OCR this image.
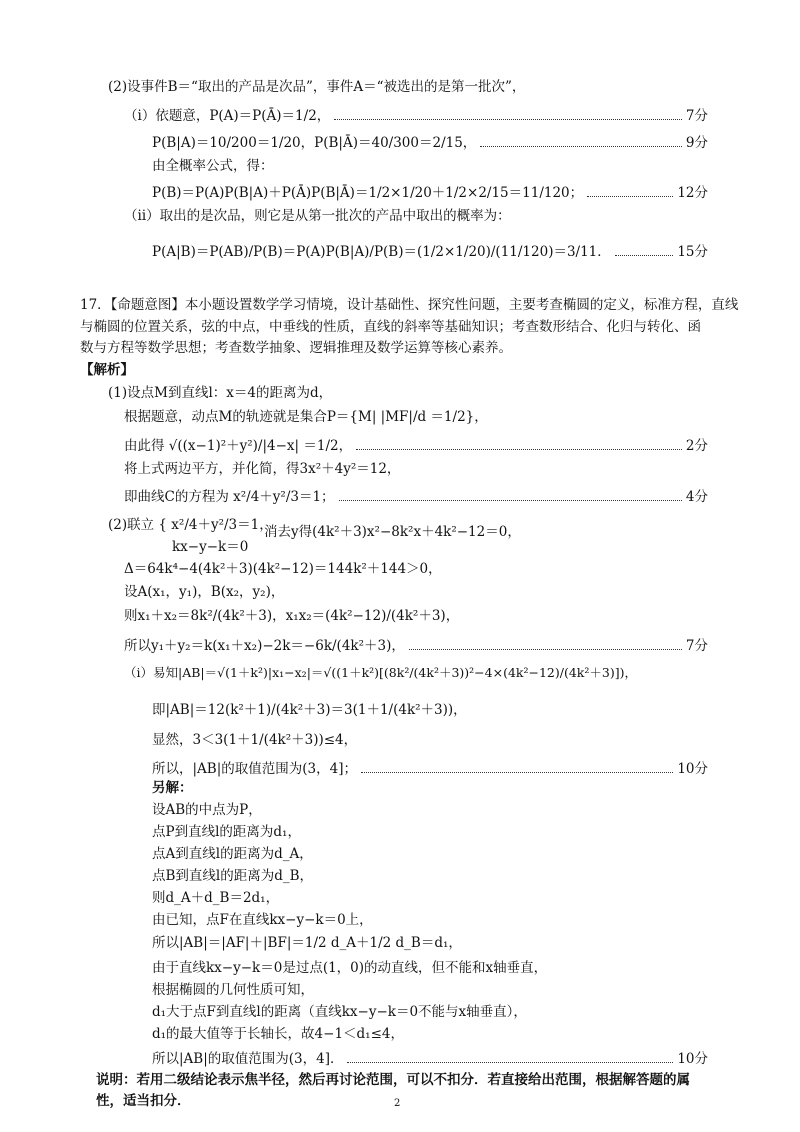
(2)设事件B＝“取出的产品是次品”，事件A＝“被选出的是第一批次”，
（ⅰ）依题意，P(A)＝P(Ā)＝1/2，	7分
P(B|A)＝10/200＝1/20，P(B|Ā)＝40/300＝2/15，	9分
由全概率公式，得：
P(B)＝P(A)P(B|A)＋P(Ā)P(B|Ā)＝1/2×1/20＋1/2×2/15＝11/120；	12分
（ⅱ）取出的是次品，则它是从第一批次的产品中取出的概率为：
P(A|B)＝P(AB)/P(B)＝P(A)P(B|A)/P(B)＝(1/2×1/20)/(11/120)＝3/11．	15分
17．【命题意图】本小题设置数学学习情境，设计基础性、探究性问题，主要考查椭圆的定义，标准方程，直线
与椭圆的位置关系，弦的中点，中垂线的性质，直线的斜率等基础知识；考查数形结合、化归与转化、函
数与方程等数学思想；考查数学抽象、逻辑推理及数学运算等核心素养。
【解析】
(1)设点M到直线l：x＝4的距离为d，
根据题意，动点M的轨迹就是集合P＝{M| |MF|/d ＝1/2}，
由此得 √((x−1)²＋y²)/|4−x| ＝1/2，	2分
将上式两边平方，并化简，得3x²＋4y²＝12，
即曲线C的方程为 x²/4＋y²/3＝1；	4分
(2)联立 { x²/4＋y²/3＝1，
消去y得(4k²＋3)x²−8k²x＋4k²−12＝0，
kx−y−k＝0
Δ＝64k⁴−4(4k²＋3)(4k²−12)＝144k²＋144＞0，
设A(x₁，y₁)，B(x₂，y₂)，
则x₁＋x₂＝8k²/(4k²＋3)，x₁x₂＝(4k²−12)/(4k²＋3)，
所以y₁＋y₂＝k(x₁＋x₂)−2k＝−6k/(4k²＋3)，	7分
（ⅰ）易知|AB|＝√(1＋k²)|x₁−x₂|＝√((1＋k²)[(8k²/(4k²＋3))²−4×(4k²−12)/(4k²＋3)])，
即|AB|＝12(k²＋1)/(4k²＋3)＝3(1＋1/(4k²＋3))，
显然，3＜3(1＋1/(4k²＋3))≤4，
所以，|AB|的取值范围为(3，4]；	10分
另解：
设AB的中点为P，
点P到直线l的距离为d₁，
点A到直线l的距离为d_A，
点B到直线l的距离为d_B，
则d_A＋d_B＝2d₁，
由已知，点F在直线kx−y−k＝0上，
所以|AB|＝|AF|＋|BF|＝1/2 d_A＋1/2 d_B＝d₁，
由于直线kx−y−k＝0是过点(1，0)的动直线，但不能和x轴垂直，
根据椭圆的几何性质可知，
d₁大于点F到直线l的距离（直线kx−y−k＝0不能与x轴垂直），
d₁的最大值等于长轴长，故4−1＜d₁≤4，
所以|AB|的取值范围为(3，4]．	10分
说明：若用二级结论表示焦半径，然后再讨论范围，可以不扣分．若直接给出范围，根据解答题的属
性，适当扣分．	2
